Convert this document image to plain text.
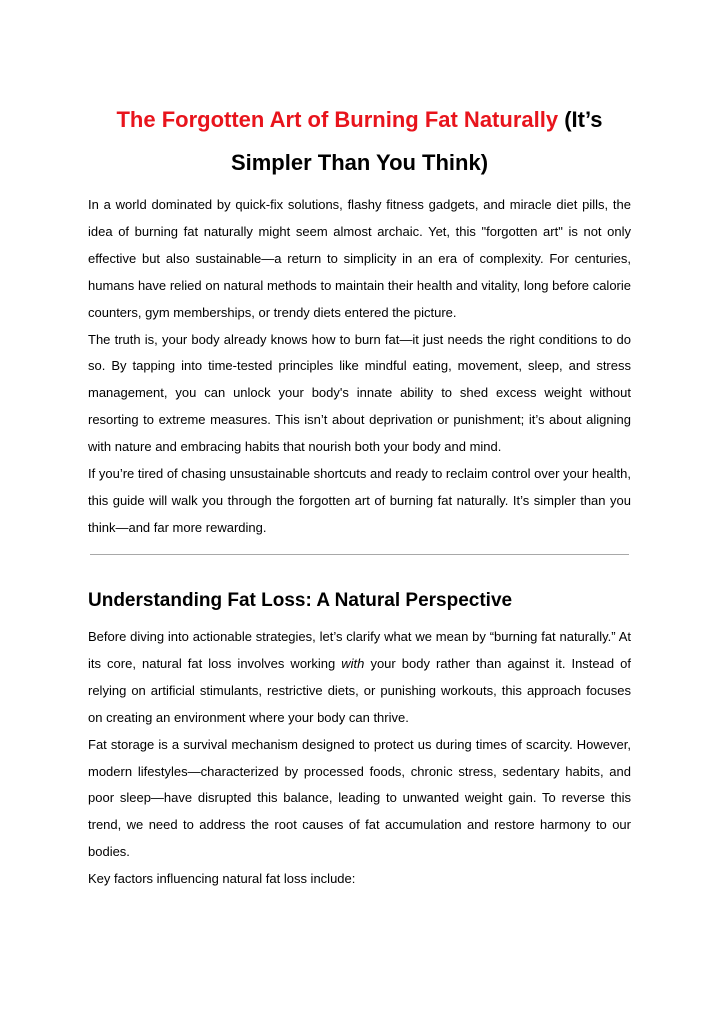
The Forgotten Art of Burning Fat Naturally (It’s Simpler Than You Think)

In a world dominated by quick-fix solutions, flashy fitness gadgets, and miracle diet pills, the idea of burning fat naturally might seem almost archaic. Yet, this "forgotten art" is not only effective but also sustainable—a return to simplicity in an era of complexity. For centuries, humans have relied on natural methods to maintain their health and vitality, long before calorie counters, gym memberships, or trendy diets entered the picture.

The truth is, your body already knows how to burn fat—it just needs the right conditions to do so. By tapping into time-tested principles like mindful eating, movement, sleep, and stress management, you can unlock your body's innate ability to shed excess weight without resorting to extreme measures. This isn’t about deprivation or punishment; it’s about aligning with nature and embracing habits that nourish both your body and mind.

If you’re tired of chasing unsustainable shortcuts and ready to reclaim control over your health, this guide will walk you through the forgotten art of burning fat naturally. It’s simpler than you think—and far more rewarding.

Understanding Fat Loss: A Natural Perspective

Before diving into actionable strategies, let’s clarify what we mean by “burning fat naturally.” At its core, natural fat loss involves working with your body rather than against it. Instead of relying on artificial stimulants, restrictive diets, or punishing workouts, this approach focuses on creating an environment where your body can thrive.

Fat storage is a survival mechanism designed to protect us during times of scarcity. However, modern lifestyles—characterized by processed foods, chronic stress, sedentary habits, and poor sleep—have disrupted this balance, leading to unwanted weight gain. To reverse this trend, we need to address the root causes of fat accumulation and restore harmony to our bodies.

Key factors influencing natural fat loss include:
